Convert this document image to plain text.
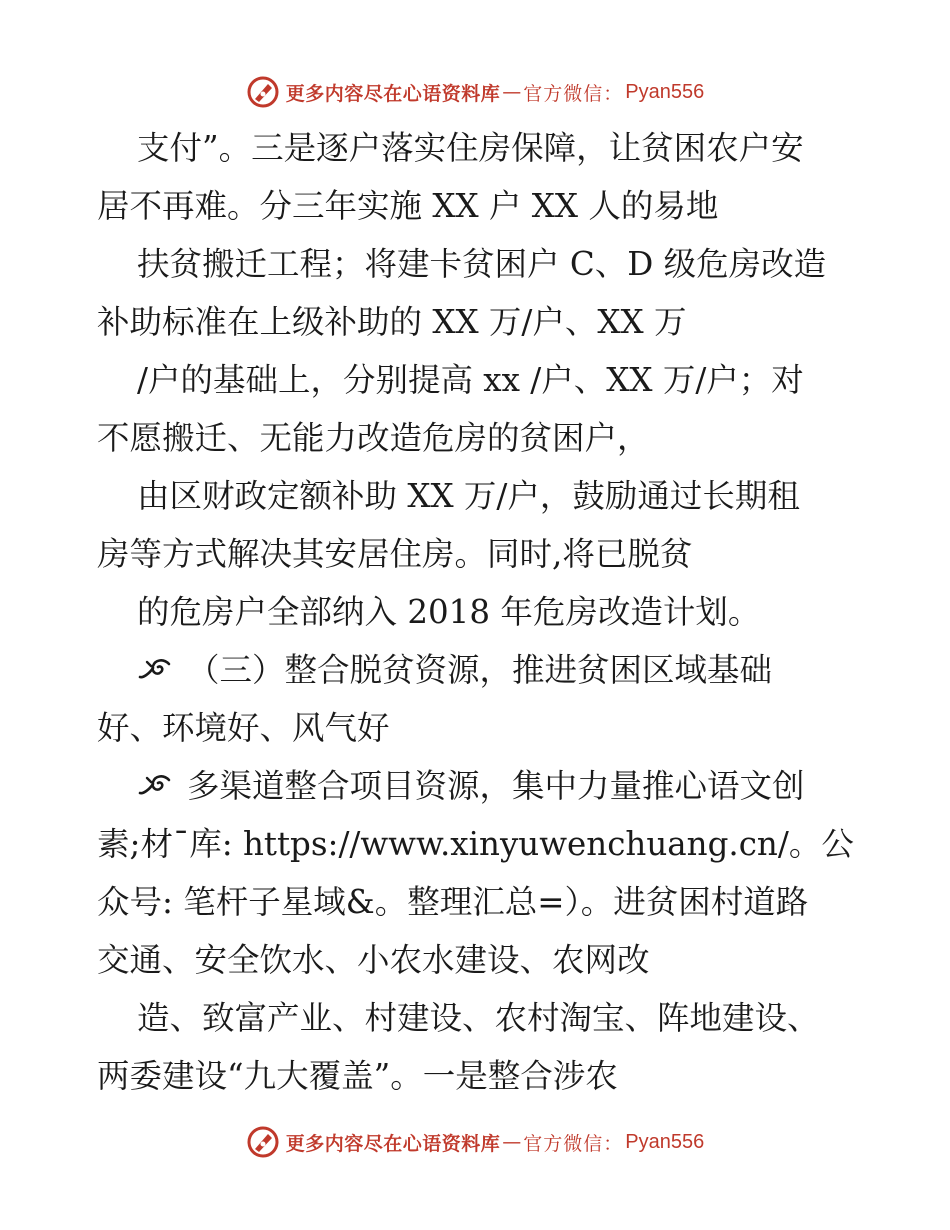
更多内容尽在心语资料库 — 官方微信： Pyan556
支付”。三是逐户落实住房保障，让贫困农户安
居不再难。分三年实施 XX 户 XX 人的易地
扶贫搬迁工程；将建卡贫困户 C、D 级危房改造
补助标准在上级补助的 XX 万/户、XX 万
/户的基础上，分别提高 xx /户、XX 万/户；对
不愿搬迁、无能力改造危房的贫困户，
由区财政定额补助 XX 万/户，鼓励通过长期租
房等方式解决其安居住房。同时,将已脱贫
的危房户全部纳入 2018 年危房改造计划。
（三）整合脱贫资源，推进贫困区域基础
好、环境好、风气好
多渠道整合项目资源，集中力量推心语文创
素;材¯库: https://www.xinyuwenchuang.cn/。公
众号: 笔杆子星域&。整理汇总=）。进贫困村道路
交通、安全饮水、小农水建设、农网改
造、致富产业、村建设、农村淘宝、阵地建设、
两委建设“九大覆盖”。一是整合涉农
更多内容尽在心语资料库 — 官方微信： Pyan556
